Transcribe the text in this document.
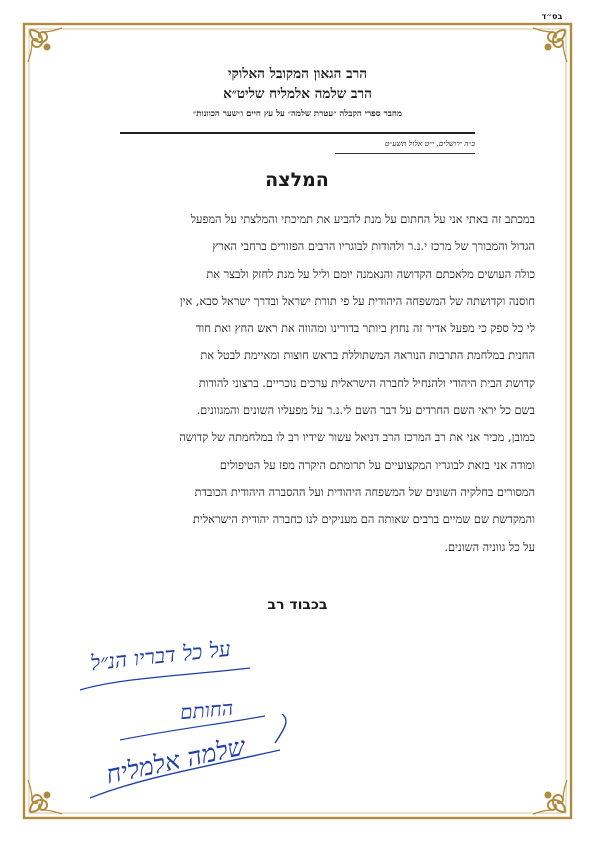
בס״ד
הרב הגאון המקובל האלוקי
הרב שלמה אלמליח שליט״א
מחבר ספרי הקבלה ״עטרת שלמה״ על עץ חיים ו״שער הכוונות״
ב״ה ירושלים, י״ט אלול תשע״ט
המלצה
במכתב זה באתי אני על החתום על מנת להביע את תמיכתי והמלצתי על המפעל
הגדול והמבורך של מרכז י.נ.ר ולהודות לבוגריו הרבים הפזורים ברחבי הארץ
כולה העושים מלאכתם הקדושה והנאמנה יומם וליל על מנת לחזק ולבצר את
חוסנה וקדושתה של המשפחה היהודית על פי תורת ישראל ובדרך ישראל סבא, אין
לי כל ספק כי מפעל אדיר זה נחוץ ביותר בדורינו ומהווה את ראש החץ ואת חוד
החנית במלחמת התרבות הנוראה המשתוללת בראש חוצות ומאיימת לבטל את
קדושת הבית היהודי ולהנחיל לחברה הישראלית ערכים נוכריים. ברצוני להודות
בשם כל יראי השם החרדים על דבר השם לי.נ.ר על מפעליו השונים והמגוונים.
כמובן, מכיר אני את רב המרכז הרב דניאל עשור שידיו רב לו במלחמתה של קדושה
ומודה אני בזאת לבוגריו המקצועיים על תרומתם היקרה מפז על הטיפולים
המסורים בחלקיה השונים של המשפחה היהודית ועל ההסברה היהודית הכובדת
והמקדשת שם שמיים ברבים שאותה הם מעניקים לנו כחברה יהודית הישראלית
על כל גווניה השונים.
בכבוד רב
על כל דבריו הנ״ל
החותם
שלמה אלמליח
